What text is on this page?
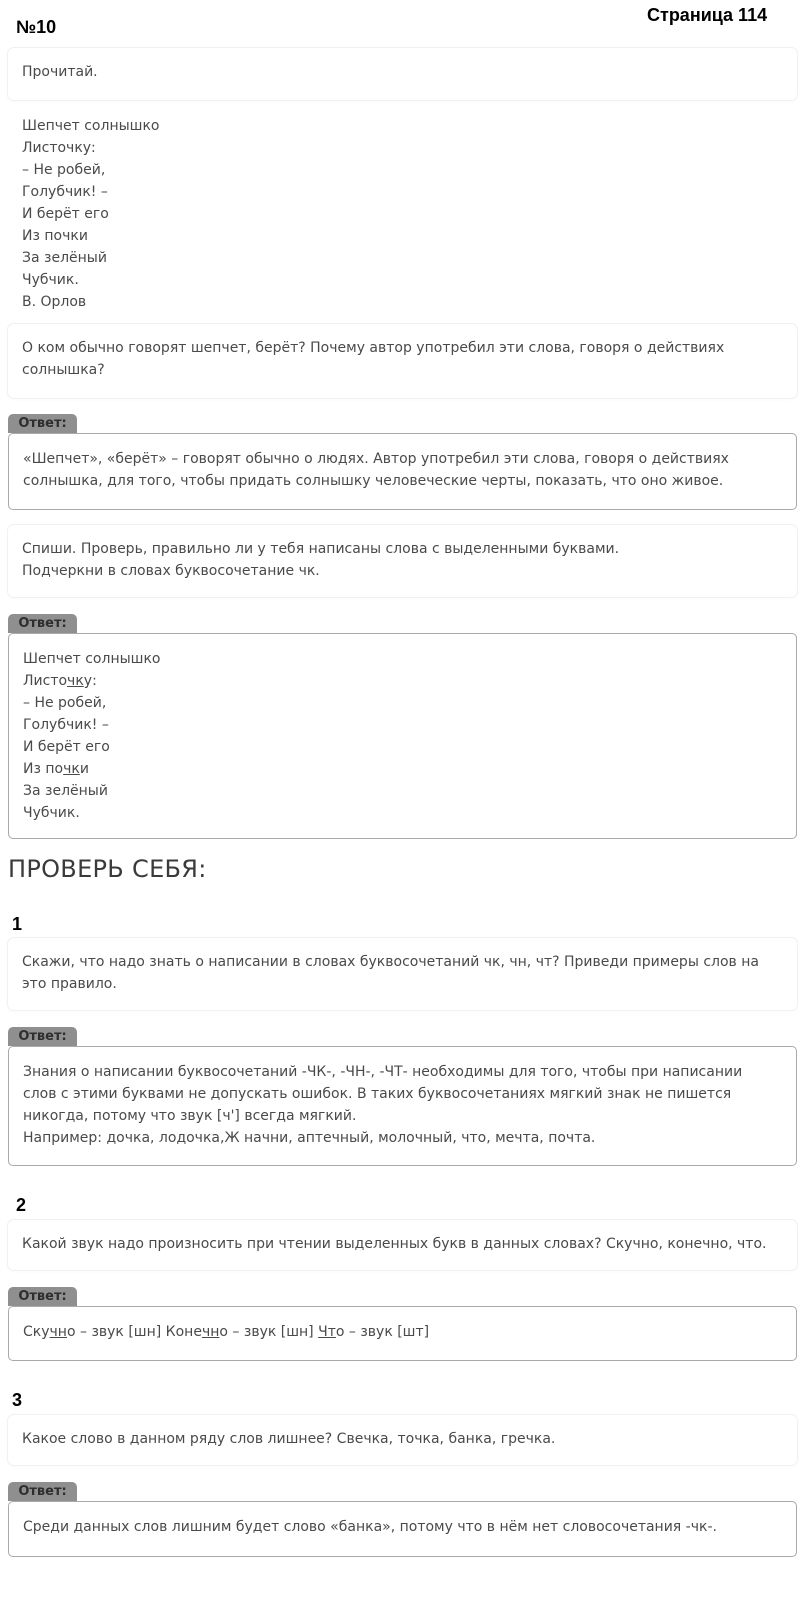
№10
Страница 114
Прочитай.
Шепчет солнышко
Листочку:
– Не робей,
Голубчик! –
И берёт его
Из почки
За зелёный
Чубчик.
В. Орлов
О ком обычно говорят шепчет, берёт? Почему автор употребил эти слова, говоря о действиях
солнышка?
Ответ:
«Шепчет», «берёт» – говорят обычно о людях. Автор употребил эти слова, говоря о действиях
солнышка, для того, чтобы придать солнышку человеческие черты, показать, что оно живое.
Спиши. Проверь, правильно ли у тебя написаны слова с выделенными буквами.
Подчеркни в словах буквосочетание чк.
Ответ:
Шепчет солнышко
Листочку:
– Не робей,
Голубчик! –
И берёт его
Из почки
За зелёный
Чубчик.
ПРОВЕРЬ СЕБЯ:
1
Скажи, что надо знать о написании в словах буквосочетаний чк, чн, чт? Приведи примеры слов на
это правило.
Ответ:
Знания о написании буквосочетаний -ЧК-, -ЧН-, -ЧТ- необходимы для того, чтобы при написании
слов с этими буквами не допускать ошибок. В таких буквосочетаниях мягкий знак не пишется
никогда, потому что звук [ч'] всегда мягкий.
Например: дочка, лодочка,Ж начни, аптечный, молочный, что, мечта, почта.
2
Какой звук надо произносить при чтении выделенных букв в данных словах? Скучно, конечно, что.
Ответ:
Скучно – звук [шн] Конечно – звук [шн] Что – звук [шт]
3
Какое слово в данном ряду слов лишнее? Свечка, точка, банка, гречка.
Ответ:
Среди данных слов лишним будет слово «банка», потому что в нём нет словосочетания -чк-.
